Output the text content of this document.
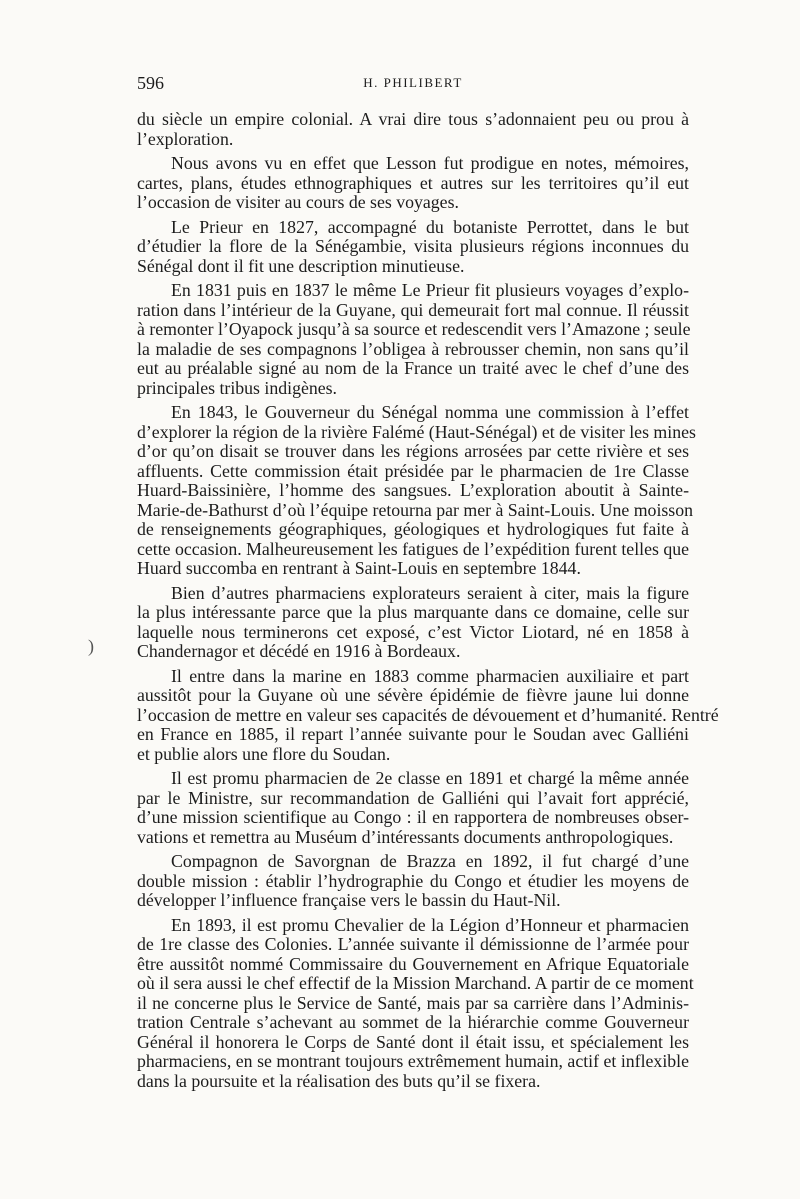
596	H. PHILIBERT
)
du siècle un empire colonial. A vrai dire tous s’adonnaient peu ou prou à
l’exploration.
Nous avons vu en effet que Lesson fut prodigue en notes, mémoires,
cartes, plans, études ethnographiques et autres sur les territoires qu’il eut
l’occasion de visiter au cours de ses voyages.
Le Prieur en 1827, accompagné du botaniste Perrottet, dans le but
d’étudier la flore de la Sénégambie, visita plusieurs régions inconnues du
Sénégal dont il fit une description minutieuse.
En 1831 puis en 1837 le même Le Prieur fit plusieurs voyages d’explo-
ration dans l’intérieur de la Guyane, qui demeurait fort mal connue. Il réussit
à remonter l’Oyapock jusqu’à sa source et redescendit vers l’Amazone ; seule
la maladie de ses compagnons l’obligea à rebrousser chemin, non sans qu’il
eut au préalable signé au nom de la France un traité avec le chef d’une des
principales tribus indigènes.
En 1843, le Gouverneur du Sénégal nomma une commission à l’effet
d’explorer la région de la rivière Falémé (Haut-Sénégal) et de visiter les mines
d’or qu’on disait se trouver dans les régions arrosées par cette rivière et ses
affluents. Cette commission était présidée par le pharmacien de 1re Classe
Huard-Baissinière, l’homme des sangsues. L’exploration aboutit à Sainte-
Marie-de-Bathurst d’où l’équipe retourna par mer à Saint-Louis. Une moisson
de renseignements géographiques, géologiques et hydrologiques fut faite à
cette occasion. Malheureusement les fatigues de l’expédition furent telles que
Huard succomba en rentrant à Saint-Louis en septembre 1844.
Bien d’autres pharmaciens explorateurs seraient à citer, mais la figure
la plus intéressante parce que la plus marquante dans ce domaine, celle sur
laquelle nous terminerons cet exposé, c’est Victor Liotard, né en 1858 à
Chandernagor et décédé en 1916 à Bordeaux.
Il entre dans la marine en 1883 comme pharmacien auxiliaire et part
aussitôt pour la Guyane où une sévère épidémie de fièvre jaune lui donne
l’occasion de mettre en valeur ses capacités de dévouement et d’humanité. Rentré
en France en 1885, il repart l’année suivante pour le Soudan avec Galliéni
et publie alors une flore du Soudan.
Il est promu pharmacien de 2e classe en 1891 et chargé la même année
par le Ministre, sur recommandation de Galliéni qui l’avait fort apprécié,
d’une mission scientifique au Congo : il en rapportera de nombreuses obser-
vations et remettra au Muséum d’intéressants documents anthropologiques.
Compagnon de Savorgnan de Brazza en 1892, il fut chargé d’une
double mission : établir l’hydrographie du Congo et étudier les moyens de
développer l’influence française vers le bassin du Haut-Nil.
En 1893, il est promu Chevalier de la Légion d’Honneur et pharmacien
de 1re classe des Colonies. L’année suivante il démissionne de l’armée pour
être aussitôt nommé Commissaire du Gouvernement en Afrique Equatoriale
où il sera aussi le chef effectif de la Mission Marchand. A partir de ce moment
il ne concerne plus le Service de Santé, mais par sa carrière dans l’Adminis-
tration Centrale s’achevant au sommet de la hiérarchie comme Gouverneur
Général il honorera le Corps de Santé dont il était issu, et spécialement les
pharmaciens, en se montrant toujours extrêmement humain, actif et inflexible
dans la poursuite et la réalisation des buts qu’il se fixera.
